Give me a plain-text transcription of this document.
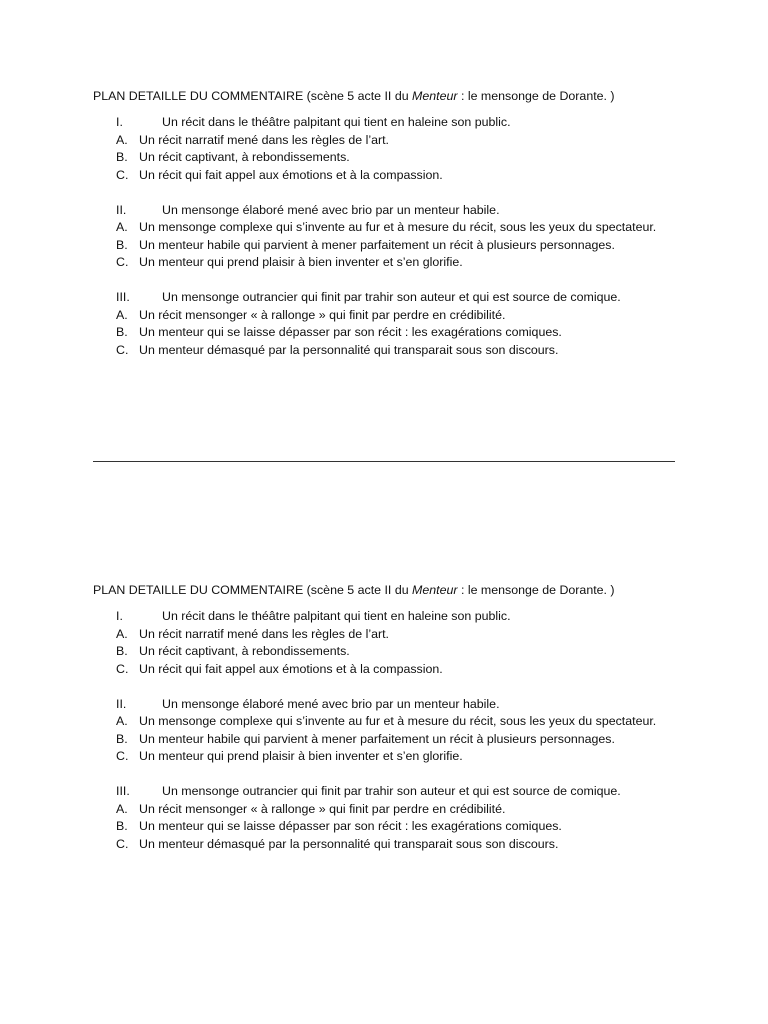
PLAN DETAILLE DU COMMENTAIRE (scène 5 acte II du Menteur : le mensonge de Dorante. )
I.	Un récit dans le théâtre palpitant qui tient en haleine son public.
A. Un récit narratif mené dans les règles de l’art.
B. Un récit captivant, à rebondissements.
C. Un récit qui fait appel aux émotions et à la compassion.
II.	Un mensonge élaboré mené avec brio par un menteur habile.
A. Un mensonge complexe qui s’invente au fur et à mesure du récit, sous les yeux du spectateur.
B. Un menteur habile qui parvient à mener parfaitement un récit à plusieurs personnages.
C. Un menteur qui prend plaisir à bien inventer et s’en glorifie.
III.	Un mensonge outrancier qui finit par trahir son auteur et qui est source de comique.
A. Un récit mensonger « à rallonge » qui finit par perdre en crédibilité.
B. Un menteur qui se laisse dépasser par son récit : les exagérations comiques.
C. Un menteur démasqué par la personnalité qui transparait sous son discours.
PLAN DETAILLE DU COMMENTAIRE (scène 5 acte II du Menteur : le mensonge de Dorante. )
I.	Un récit dans le théâtre palpitant qui tient en haleine son public.
A. Un récit narratif mené dans les règles de l’art.
B. Un récit captivant, à rebondissements.
C. Un récit qui fait appel aux émotions et à la compassion.
II.	Un mensonge élaboré mené avec brio par un menteur habile.
A. Un mensonge complexe qui s’invente au fur et à mesure du récit, sous les yeux du spectateur.
B. Un menteur habile qui parvient à mener parfaitement un récit à plusieurs personnages.
C. Un menteur qui prend plaisir à bien inventer et s’en glorifie.
III.	Un mensonge outrancier qui finit par trahir son auteur et qui est source de comique.
A. Un récit mensonger « à rallonge » qui finit par perdre en crédibilité.
B. Un menteur qui se laisse dépasser par son récit : les exagérations comiques.
C. Un menteur démasqué par la personnalité qui transparait sous son discours.
